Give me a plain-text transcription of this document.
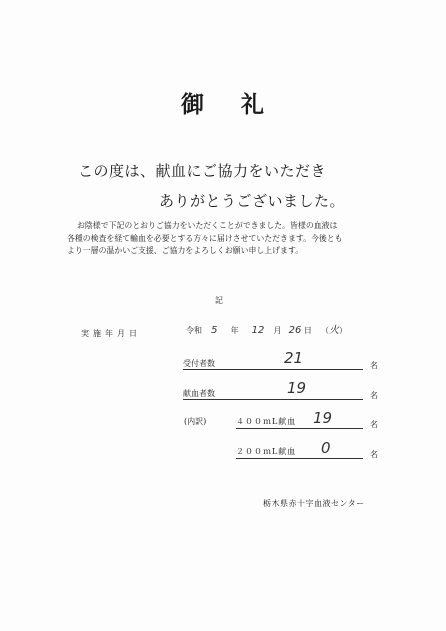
御 礼
この度は、献血にご協力をいただき
ありがとうございました。
お陰様で下記のとおりご協力をいただくことができました。皆様の血液は
各種の検査を経て輸血を必要とする方々に届けさせていただきます。今後とも
より一層の温かいご支援、ご協力をよろしくお願い申し上げます。
記
実施年月日	令和 5 年 12 月 26 日 （火）
受付者数	21	名
献血者数	19	名
(内訳)	４００ｍL献血 19	名
２００ｍL献血 0	名
栃木県赤十字血液センター
